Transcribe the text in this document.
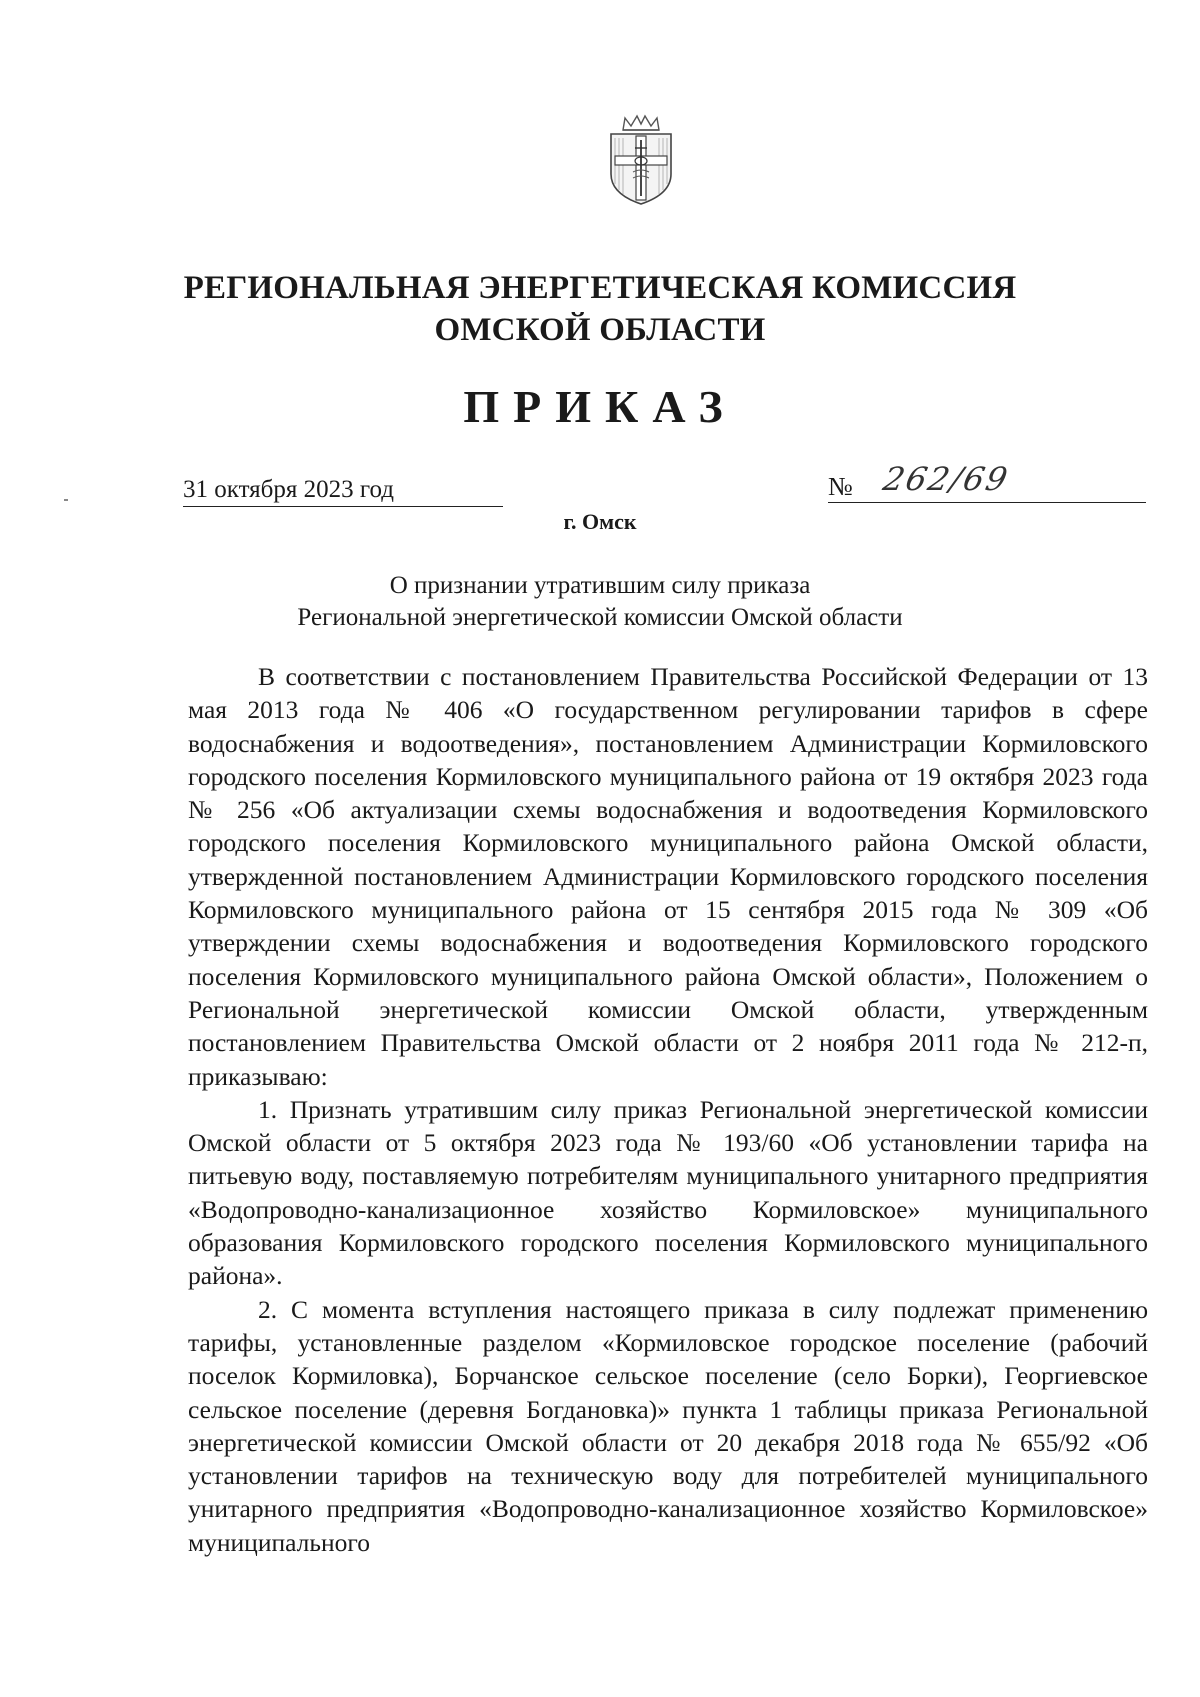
РЕГИОНАЛЬНАЯ ЭНЕРГЕТИЧЕСКАЯ КОМИССИЯ
ОМСКОЙ ОБЛАСТИ
ПРИКАЗ
31 октября 2023 год	№ 262/69
г. Омск
О признании утратившим силу приказа
Региональной энергетической комиссии Омской области

В соответствии с постановлением Правительства Российской Федерации от 13 мая 2013 года № 406 «О государственном регулировании тарифов в сфере водоснабжения и водоотведения», постановлением Администрации Кормиловского городского поселения Кормиловского муниципального района от 19 октября 2023 года № 256 «Об актуализации схемы водоснабжения и водоотведения Кормиловского городского поселения Кормиловского муниципального района Омской области, утвержденной постановлением Администрации Кормиловского городского поселения Кормиловского муниципального района от 15 сентября 2015 года № 309 «Об утверждении схемы водоснабжения и водоотведения Кормиловского городского поселения Кормиловского муниципального района Омской области», Положением о Региональной энергетической комиссии Омской области, утвержденным постановлением Правительства Омской области от 2 ноября 2011 года № 212-п, приказываю:

1. Признать утратившим силу приказ Региональной энергетической комиссии Омской области от 5 октября 2023 года № 193/60 «Об установлении тарифа на питьевую воду, поставляемую потребителям муниципального унитарного предприятия «Водопроводно-канализационное хозяйство Кормиловское» муниципального образования Кормиловского городского поселения Кормиловского муниципального района».

2. С момента вступления настоящего приказа в силу подлежат применению тарифы, установленные разделом «Кормиловское городское поселение (рабочий поселок Кормиловка), Борчанское сельское поселение (село Борки), Георгиевское сельское поселение (деревня Богдановка)» пункта 1 таблицы приказа Региональной энергетической комиссии Омской области от 20 декабря 2018 года № 655/92 «Об установлении тарифов на техническую воду для потребителей муниципального унитарного предприятия «Водопроводно-канализационное хозяйство Кормиловское» муниципального
